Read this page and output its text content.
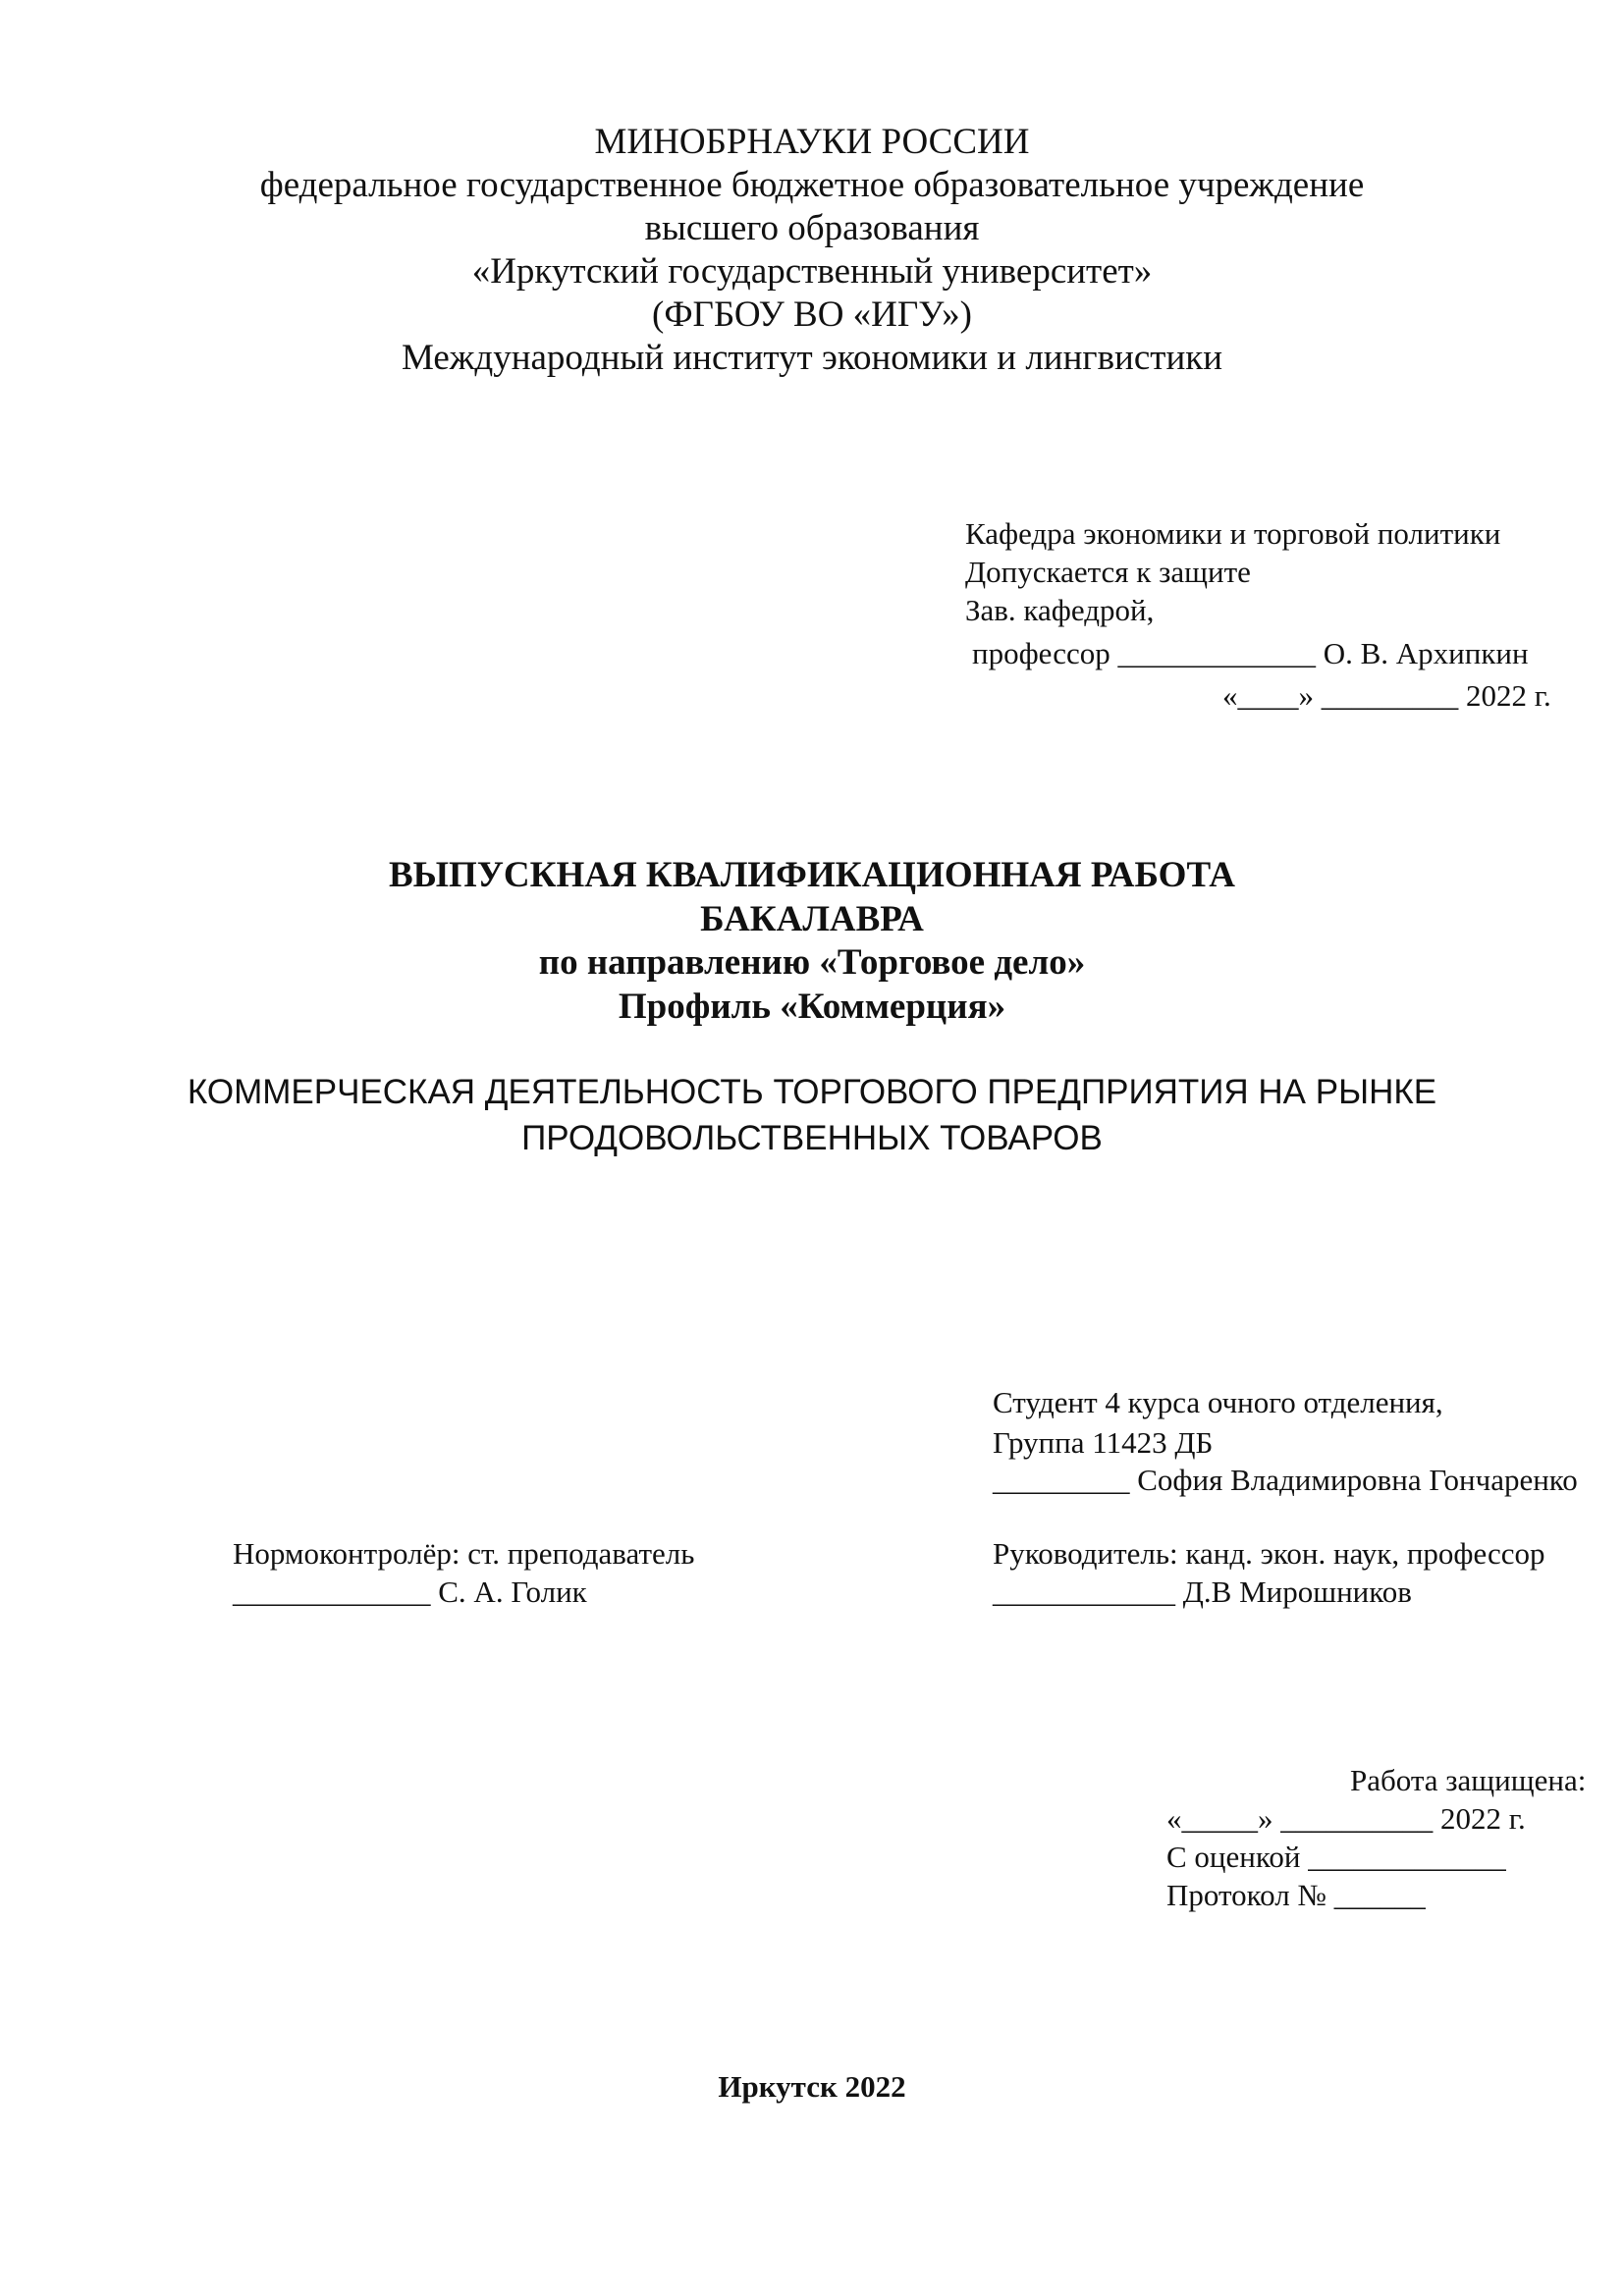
МИНОБРНАУКИ РОССИИ
федеральное государственное бюджетное образовательное учреждение
высшего образования
«Иркутский государственный университет»
(ФГБОУ ВО «ИГУ»)
Международный институт экономики и лингвистики
Кафедра экономики и торговой политики
Допускается к защите
Зав. кафедрой,
профессор _____________ О. В. Архипкин
«____» _________ 2022 г.
ВЫПУСКНАЯ КВАЛИФИКАЦИОННАЯ РАБОТА
БАКАЛАВРА
по направлению «Торговое дело»
Профиль «Коммерция»
КОММЕРЧЕСКАЯ ДЕЯТЕЛЬНОСТЬ ТОРГОВОГО ПРЕДПРИЯТИЯ НА РЫНКЕ
ПРОДОВОЛЬСТВЕННЫХ ТОВАРОВ
Студент 4 курса очного отделения,
Группа 11423 ДБ
_________ София Владимировна Гончаренко
Нормоконтролёр: ст. преподаватель
_____________ С. А. Голик
Руководитель: канд. экон. наук, профессор
____________ Д.В Мирошников
Работа защищена:
«_____» __________ 2022 г.
С оценкой _____________
Протокол № ______
Иркутск 2022
